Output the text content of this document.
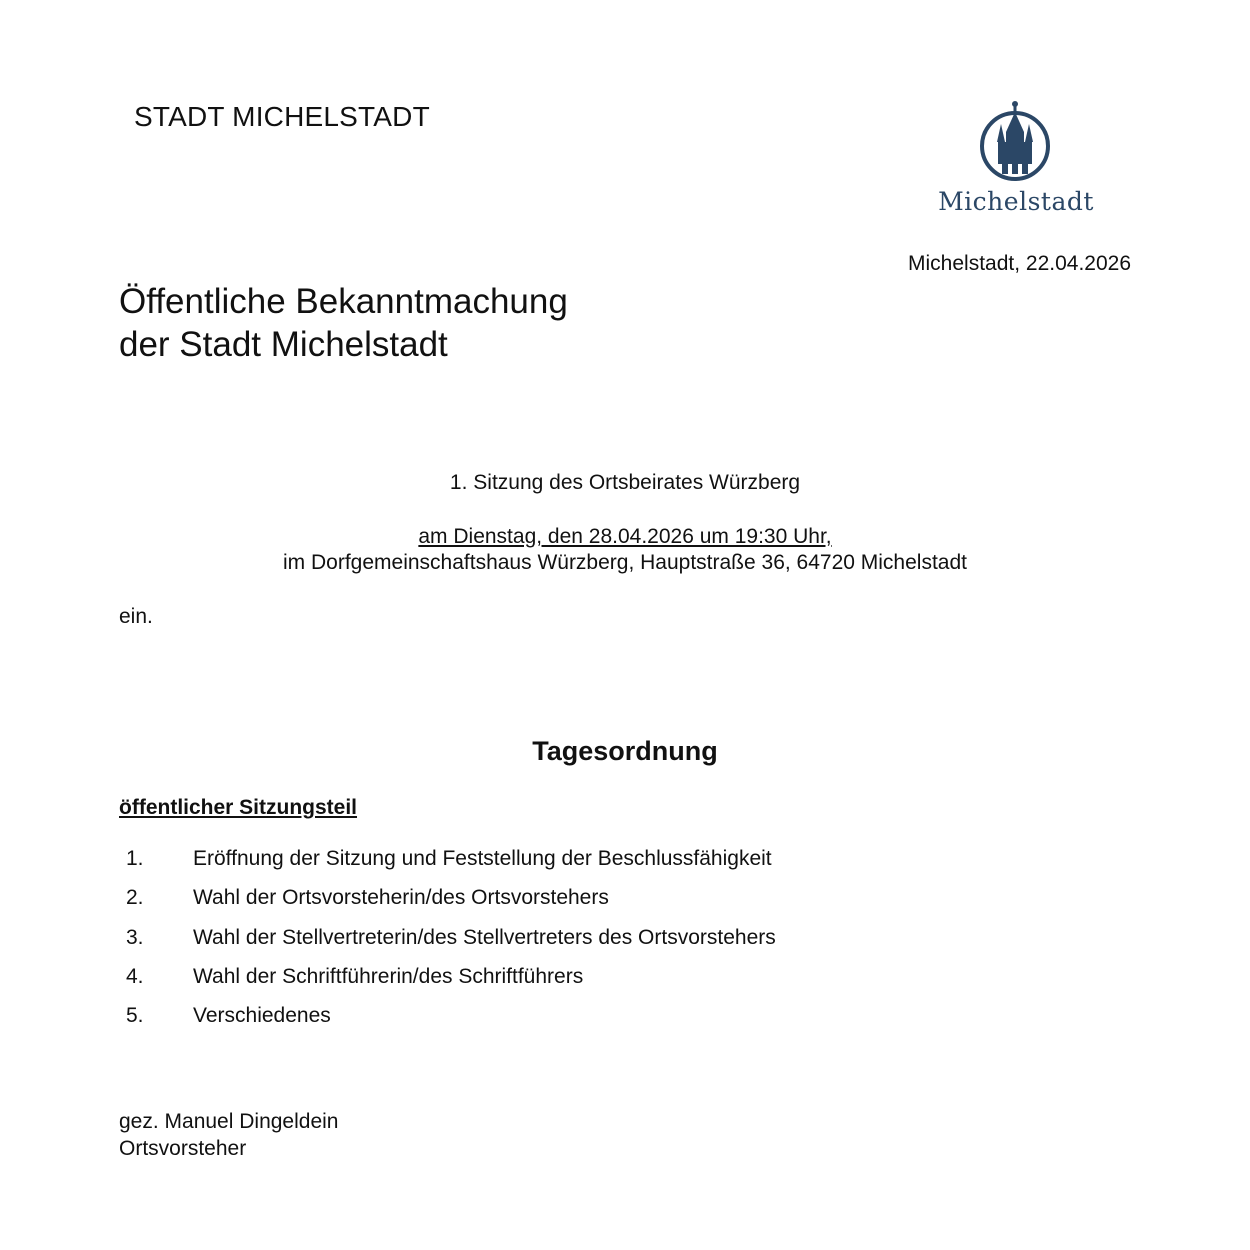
STADT MICHELSTADT
Michelstadt
Michelstadt, 22.04.2026
Öffentliche Bekanntmachung
der Stadt Michelstadt
1. Sitzung des Ortsbeirates Würzberg
am Dienstag, den 28.04.2026 um 19:30 Uhr,
im Dorfgemeinschaftshaus Würzberg, Hauptstraße 36, 64720 Michelstadt
ein.
Tagesordnung
öffentlicher Sitzungsteil
1. Eröffnung der Sitzung und Feststellung der Beschlussfähigkeit
2. Wahl der Ortsvorsteherin/des Ortsvorstehers
3. Wahl der Stellvertreterin/des Stellvertreters des Ortsvorstehers
4. Wahl der Schriftführerin/des Schriftführers
5. Verschiedenes
gez. Manuel Dingeldein
Ortsvorsteher
